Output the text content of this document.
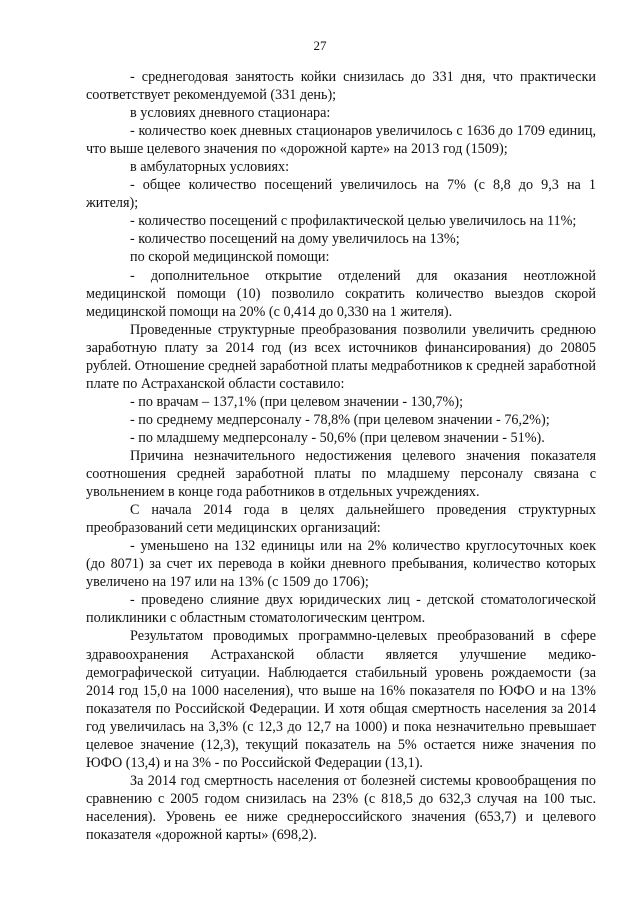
27

- среднегодовая занятость койки снизилась до 331 дня, что практически соответствует рекомендуемой (331 день);

в условиях дневного стационара:

- количество коек дневных стационаров увеличилось с 1636 до 1709 единиц, что выше целевого значения по «дорожной карте» на 2013 год (1509);

в амбулаторных условиях:

- общее количество посещений увеличилось на 7% (с 8,8 до 9,3 на 1 жителя);

- количество посещений с профилактической целью увеличилось на 11%;

- количество посещений на дому увеличилось на 13%;

по скорой медицинской помощи:

- дополнительное открытие отделений для оказания неотложной медицинской помощи (10) позволило сократить количество выездов скорой медицинской помощи на 20% (с 0,414 до 0,330 на 1 жителя).

Проведенные структурные преобразования позволили увеличить среднюю заработную плату за 2014 год (из всех источников финансирования) до 20805 рублей. Отношение средней заработной платы медработников к средней заработной плате по Астраханской области составило:

- по врачам – 137,1% (при целевом значении - 130,7%);

- по среднему медперсоналу - 78,8% (при целевом значении - 76,2%);

- по младшему медперсоналу - 50,6% (при целевом значении - 51%).

Причина незначительного недостижения целевого значения показателя соотношения средней заработной платы по младшему персоналу связана с увольнением в конце года работников в отдельных учреждениях.

С начала 2014 года в целях дальнейшего проведения структурных преобразований сети медицинских организаций:

- уменьшено на 132 единицы или на 2% количество круглосуточных коек (до 8071) за счет их перевода в койки дневного пребывания, количество которых увеличено на 197 или на 13% (с 1509 до 1706);

- проведено слияние двух юридических лиц - детской стоматологической поликлиники с областным стоматологическим центром.

Результатом проводимых программно-целевых преобразований в сфере здравоохранения Астраханской области является улучшение медико-демографической ситуации. Наблюдается стабильный уровень рождаемости (за 2014 год 15,0 на 1000 населения), что выше на 16% показателя по ЮФО и на 13% показателя по Российской Федерации. И хотя общая смертность населения за 2014 год увеличилась на 3,3% (с 12,3 до 12,7 на 1000) и пока незначительно превышает целевое значение (12,3), текущий показатель на 5% остается ниже значения по ЮФО (13,4) и на 3% - по Российской Федерации (13,1).

За 2014 год смертность населения от болезней системы кровообращения по сравнению с 2005 годом снизилась на 23% (с 818,5 до 632,3 случая на 100 тыс. населения). Уровень ее ниже среднероссийского значения (653,7) и целевого показателя «дорожной карты» (698,2).
